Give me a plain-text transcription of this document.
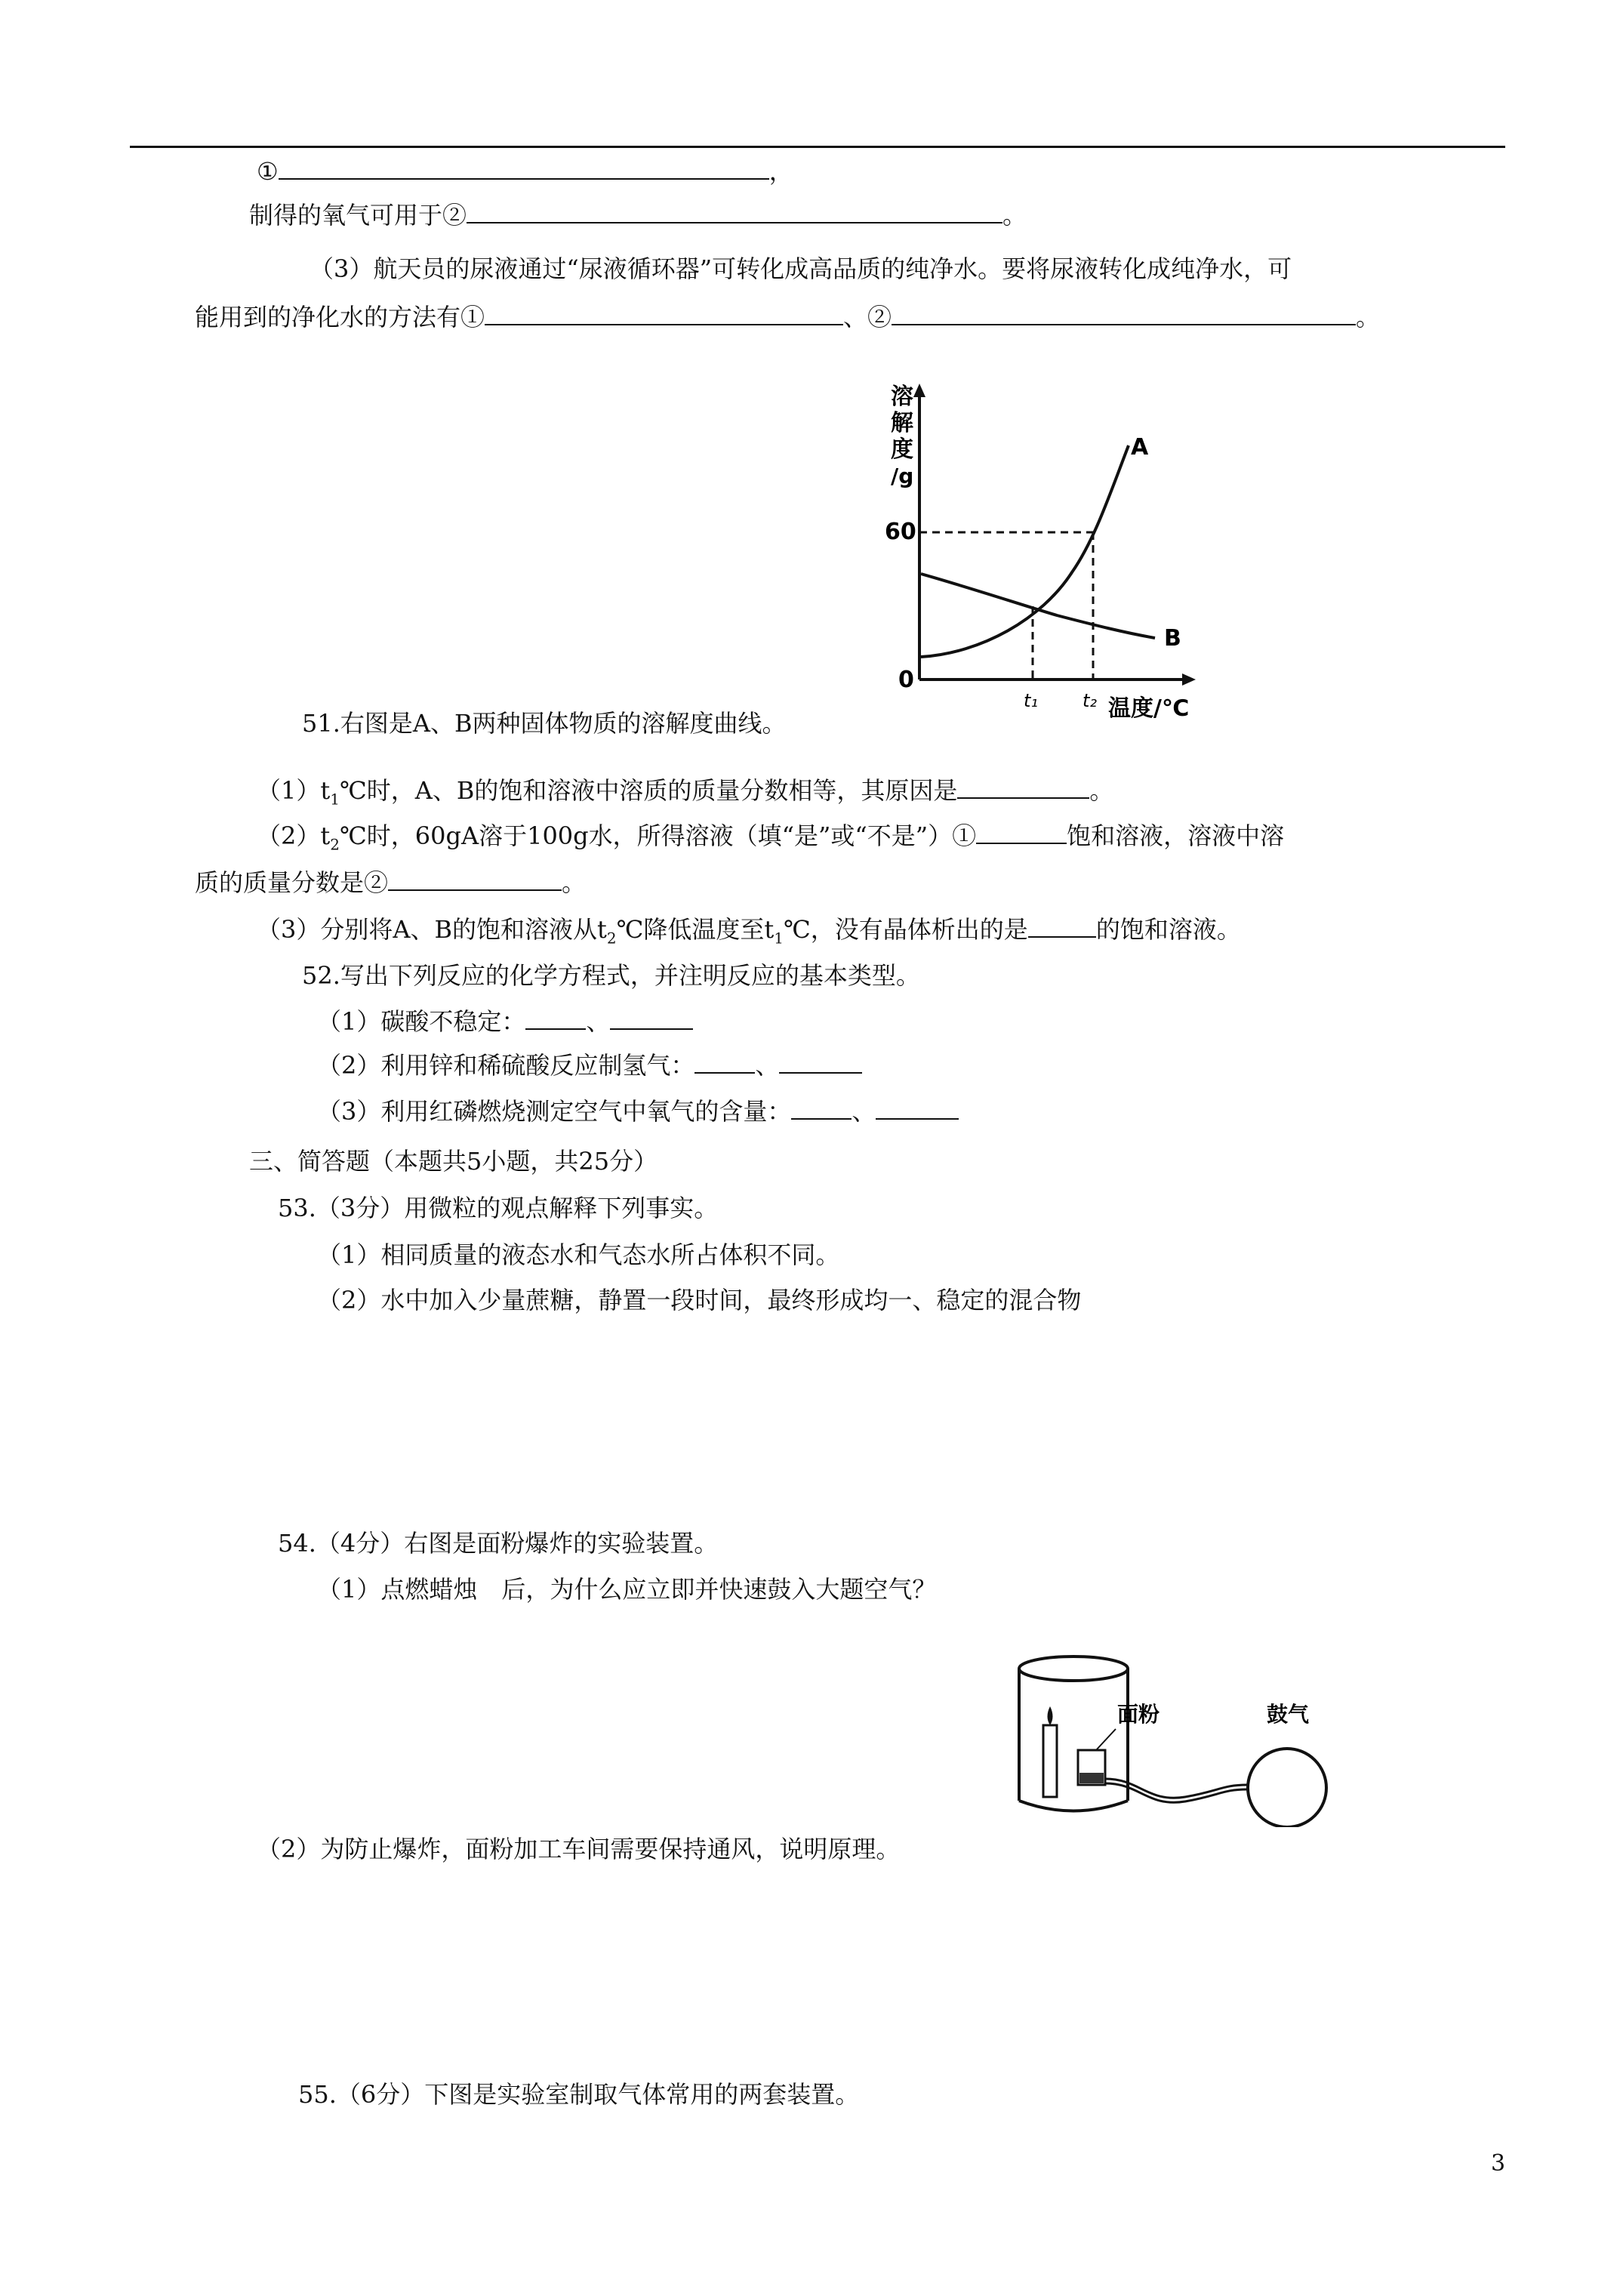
①	，
制得的氧气可用于②	。
（3）航天员的尿液通过“尿液循环器”可转化成高品质的纯净水。要将尿液转化成纯净水，可
能用到的净化水的方法有①	、②	。
溶
解
度
/g
60
0
A
B
t₁ t₂ 温度/℃
51.右图是A、B两种固体物质的溶解度曲线。
$(1)t_1℃$时，A、B的饱和溶液中溶质的质量分数相等，其原因是	。
$(2)t_2℃$时，60gA溶于100g水，所得溶液（填“是”或“不是”）①	饱和溶液，溶液中溶
质的质量分数是②	。
（3）分别将A、B的饱和溶液从$t_2℃$降低温度至$t_1℃$，没有晶体析出的是	的饱和溶液。
52.写出下列反应的化学方程式，并注明反应的基本类型。
（1）碳酸不稳定：	、
（2）利用锌和稀硫酸反应制氢气：	、
（3）利用红磷燃烧测定空气中氧气的含量：	、
三、简答题（本题共5小题，共25分）
53.（3分）用微粒的观点解释下列事实。
（1）相同质量的液态水和气态水所占体积不同。
（2）水中加入少量蔗糖，静置一段时间，最终形成均一、稳定的混合物
54.（4分）右图是面粉爆炸的实验装置。
（1）点燃蜡烛　后，为什么应立即并快速鼓入大题空气？
面粉	鼓气
（2）为防止爆炸，面粉加工车间需要保持通风，说明原理。
55.（6分）下图是实验室制取气体常用的两套装置。
3
